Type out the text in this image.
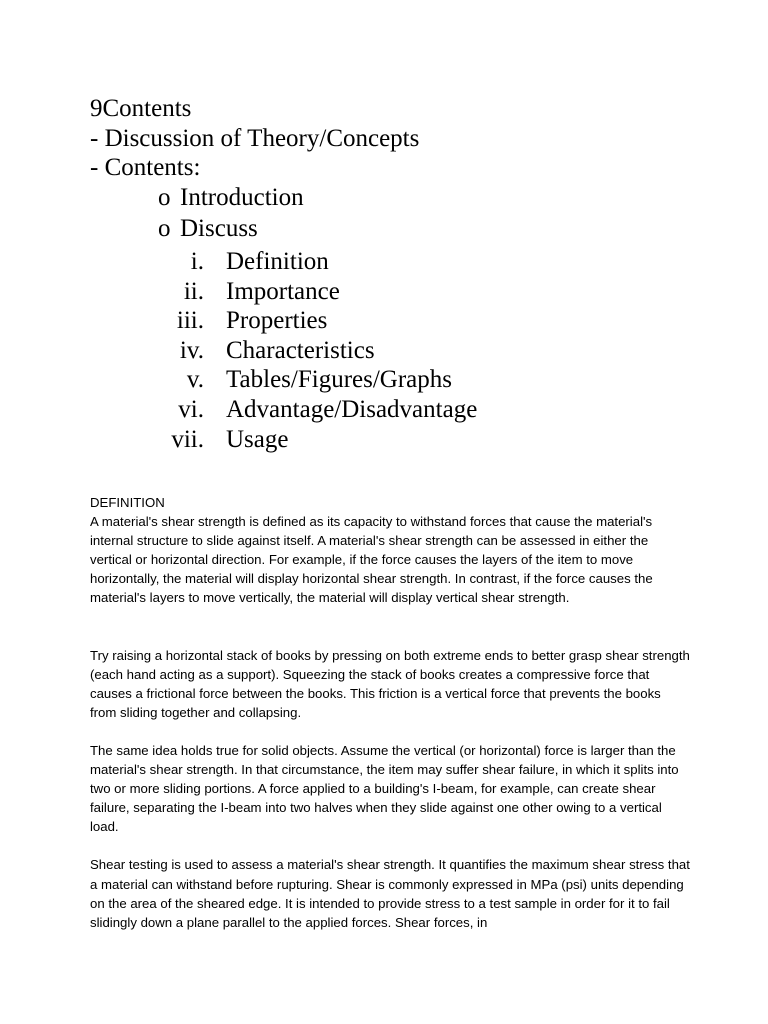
9Contents
- Discussion of Theory/Concepts
- Contents:
o Introduction
o Discuss
i. Definition
ii. Importance
iii. Properties
iv. Characteristics
v. Tables/Figures/Graphs
vi. Advantage/Disadvantage
vii. Usage
DEFINITION

A material's shear strength is defined as its capacity to withstand forces that cause the material's internal structure to slide against itself. A material's shear strength can be assessed in either the vertical or horizontal direction. For example, if the force causes the layers of the item to move horizontally, the material will display horizontal shear strength. In contrast, if the force causes the material's layers to move vertically, the material will display vertical shear strength.

Try raising a horizontal stack of books by pressing on both extreme ends to better grasp shear strength (each hand acting as a support). Squeezing the stack of books creates a compressive force that causes a frictional force between the books. This friction is a vertical force that prevents the books from sliding together and collapsing.

The same idea holds true for solid objects. Assume the vertical (or horizontal) force is larger than the material's shear strength. In that circumstance, the item may suffer shear failure, in which it splits into two or more sliding portions. A force applied to a building's I-beam, for example, can create shear failure, separating the I-beam into two halves when they slide against one other owing to a vertical load.

Shear testing is used to assess a material's shear strength. It quantifies the maximum shear stress that a material can withstand before rupturing. Shear is commonly expressed in MPa (psi) units depending on the area of the sheared edge. It is intended to provide stress to a test sample in order for it to fail slidingly down a plane parallel to the applied forces. Shear forces, in
